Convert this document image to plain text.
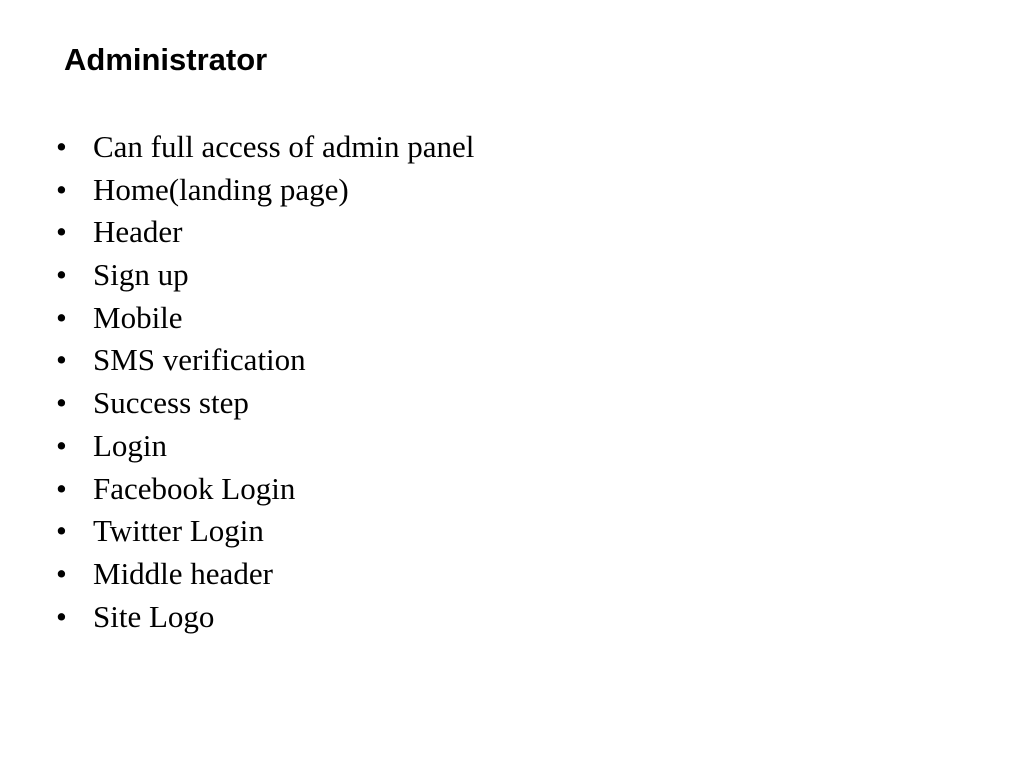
Administrator
• Can full access of admin panel
• Home(landing page)
• Header
• Sign up
• Mobile
• SMS verification
• Success step
• Login
• Facebook Login
• Twitter Login
• Middle header
• Site Logo
